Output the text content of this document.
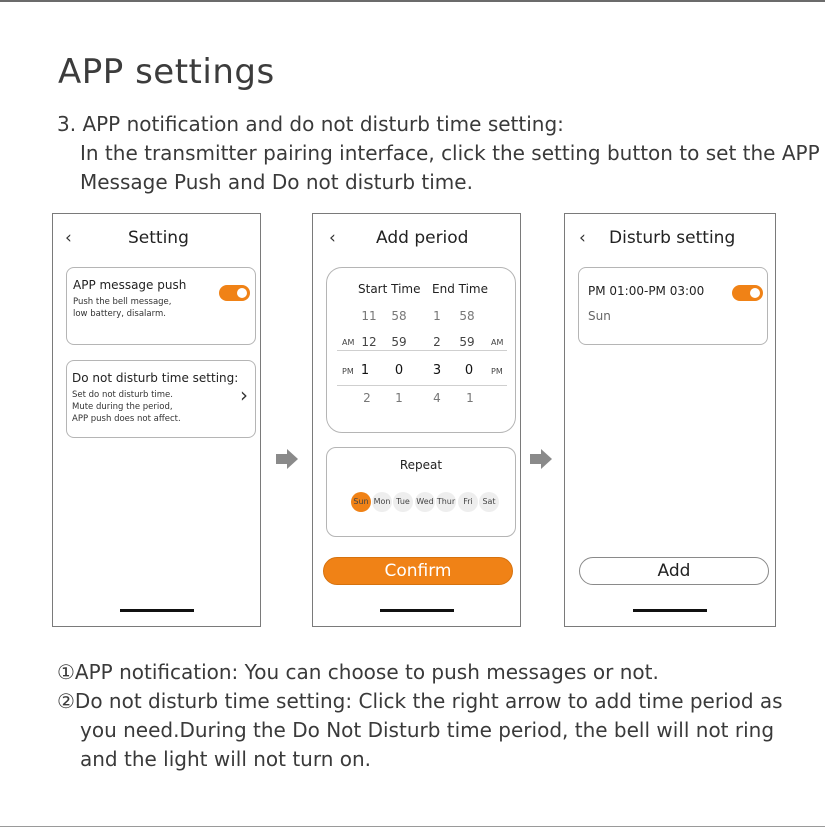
APP settings
3. APP notification and do not disturb time setting:
In the transmitter pairing interface, click the setting button to set the APP
Message Push and Do not disturb time.
‹	Setting
APP message push
Push the bell message,
low battery, disalarm.
Do not disturb time setting:
Set do not disturb time.
Mute during the period,
APP push does not affect.
›
‹ Add period
Start Time End Time
11	58	1	58
AM 12	59	2	59	AM
PM 1	0	3	0	PM
2	1	4	1
Repeat
Sun Mon Tue Wed Thur	Fri	Sat
Confirm
‹ Disturb setting
PM 01:00-PM 03:00
Sun
Add
①APP notification: You can choose to push messages or not.
②Do not disturb time setting: Click the right arrow to add time period as
you need.During the Do Not Disturb time period, the bell will not ring
and the light will not turn on.
